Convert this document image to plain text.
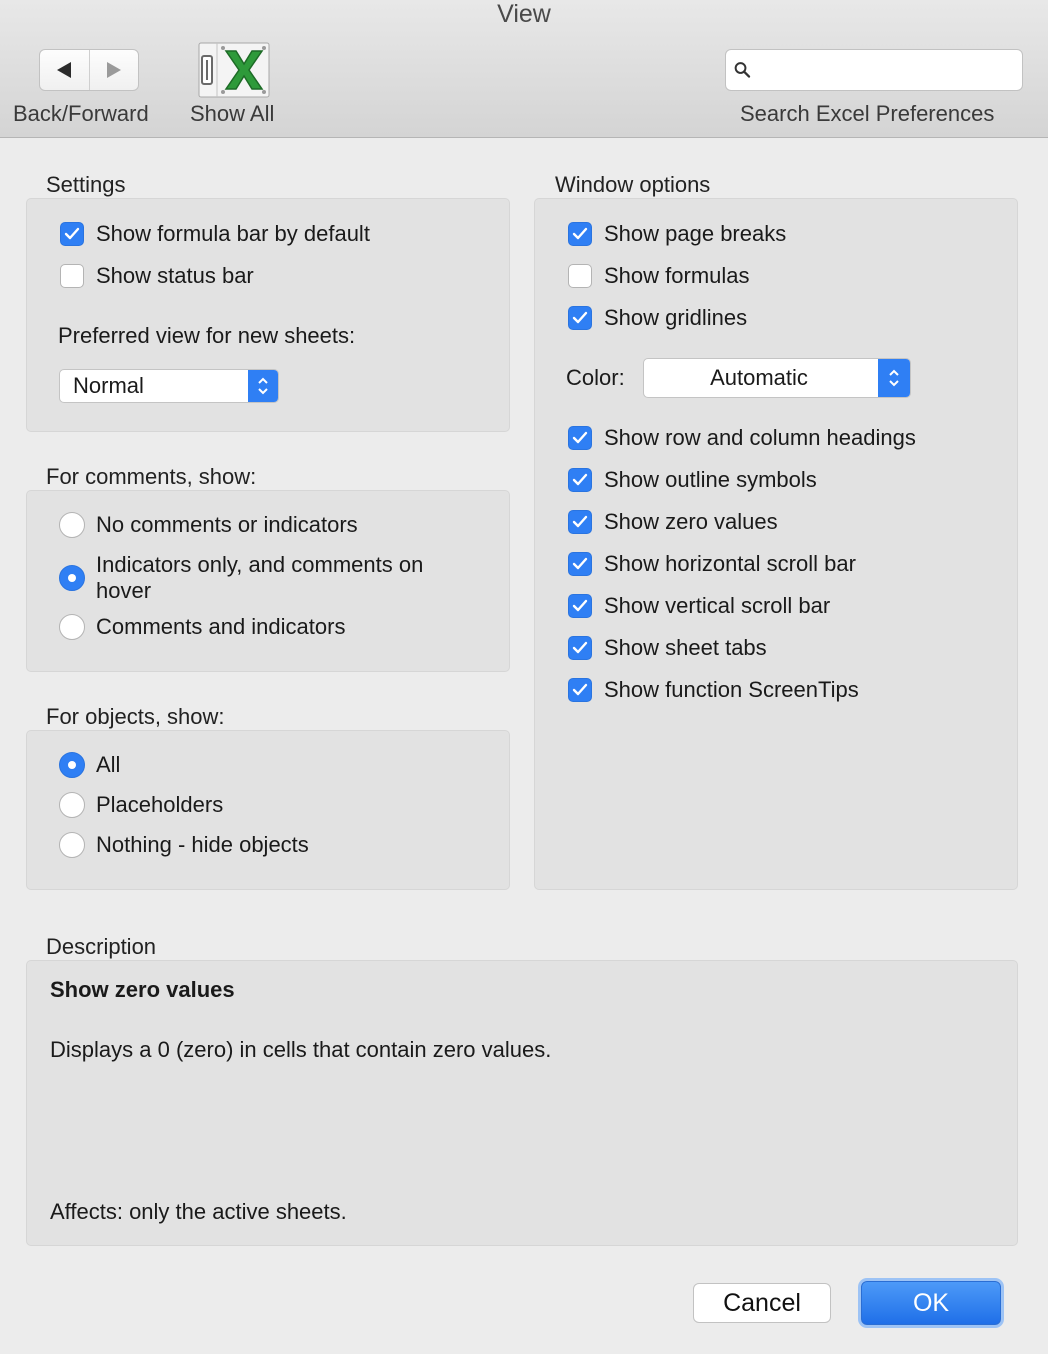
View
Back/Forward Show All	Search Excel Preferences
Settings
Show formula bar by default
Show status bar
Preferred view for new sheets:
Normal
For comments, show:
No comments or indicators
Indicators only, and comments on hover
Comments and indicators
For objects, show:
All
Placeholders
Nothing - hide objects
Window options
Show page breaks
Show formulas
Show gridlines
Color:	Automatic
Show row and column headings
Show outline symbols
Show zero values
Show horizontal scroll bar
Show vertical scroll bar
Show sheet tabs
Show function ScreenTips
Description
Show zero values
Displays a 0 (zero) in cells that contain zero values.
Affects: only the active sheets.
Cancel	OK
